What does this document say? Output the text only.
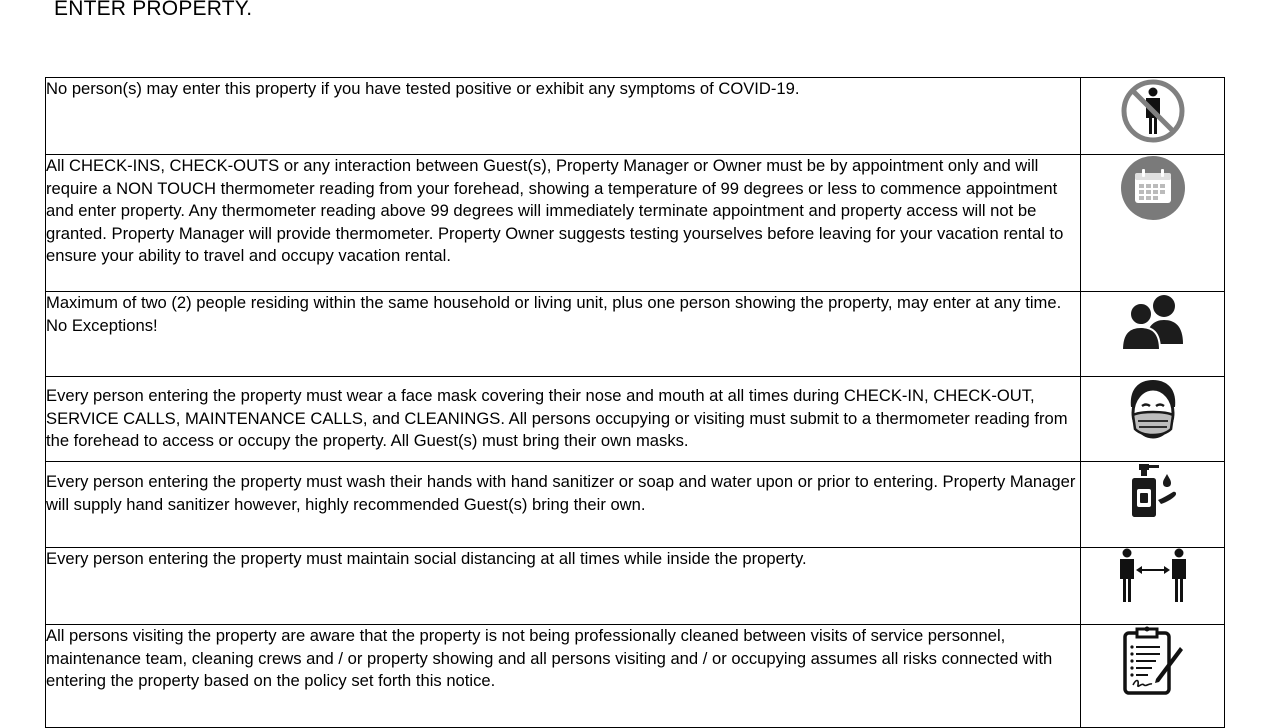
ENTER PROPERTY.
No person(s) may enter this property if you have tested positive or exhibit any symptoms of COVID-19.	

All CHECK-INS, CHECK-OUTS or any interaction between Guest(s), Property Manager or Owner must be by appointment only and will require a NON TOUCH thermometer reading from your forehead, showing a temperature of 99 degrees or less to commence appointment and enter property. Any thermometer reading above 99 degrees will immediately terminate appointment and property access will not be granted. Property Manager will provide thermometer. Property Owner suggests testing yourselves before leaving for your vacation rental to ensure your ability to travel and occupy vacation rental.	

Maximum of two (2) people residing within the same household or living unit, plus one person showing the property, may enter at any time. No Exceptions!	

Every person entering the property must wear a face mask covering their nose and mouth at all times during CHECK-IN, CHECK-OUT, SERVICE CALLS, MAINTENANCE CALLS, and CLEANINGS. All persons occupying or visiting must submit to a thermometer reading from the forehead to access or occupy the property. All Guest(s) must bring their own masks.	

Every person entering the property must wash their hands with hand sanitizer or soap and water upon or prior to entering. Property Manager will supply hand sanitizer however, highly recommended Guest(s) bring their own.	

Every person entering the property must maintain social distancing at all times while inside the property.	

All persons visiting the property are aware that the property is not being professionally cleaned between visits of service personnel, maintenance team, cleaning crews and / or property showing and all persons visiting and / or occupying assumes all risks connected with entering the property based on the policy set forth this notice.	
